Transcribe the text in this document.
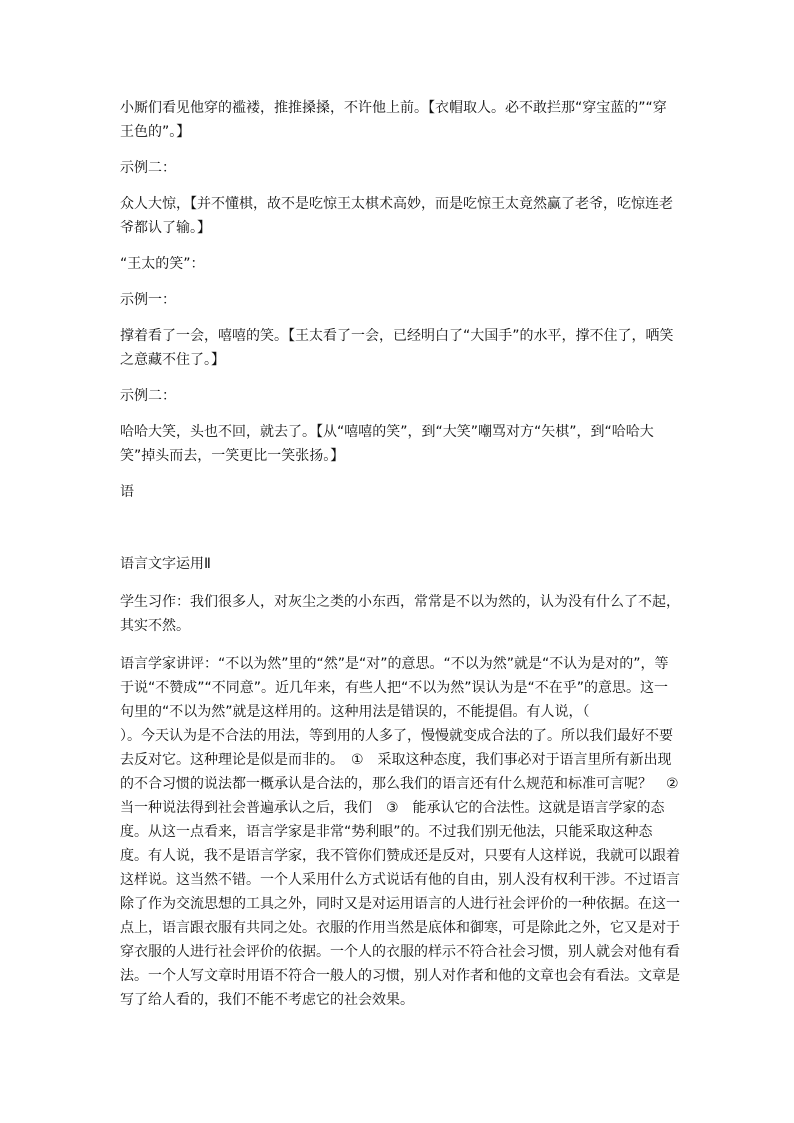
小厮们看见他穿的褴褛，推推搡搡，不许他上前。【衣帽取人。必不敢拦那“穿宝蓝的”“穿王色的”。】

示例二：

众人大惊，【并不懂棋，故不是吃惊王太棋术高妙，而是吃惊王太竟然赢了老爷，吃惊连老爷都认了输。】

“王太的笑”：

示例一：

撑着看了一会，嘻嘻的笑。【王太看了一会，已经明白了“大国手”的水平，撑不住了，哂笑之意藏不住了。】

示例二：

哈哈大笑，头也不回，就去了。【从“嘻嘻的笑”，到“大笑”嘲骂对方“矢棋”，到“哈哈大笑”掉头而去，一笑更比一笑张扬。】

语

语言文字运用Ⅱ

学生习作：我们很多人，对灰尘之类的小东西，常常是不以为然的，认为没有什么了不起，其实不然。

语言学家讲评：“不以为然”里的“然”是“对”的意思。“不以为然”就是“不认为是对的”，等于说“不赞成”“不同意”。近几年来，有些人把“不以为然”误认为是“不在乎”的意思。这一句里的“不以为然”就是这样用的。这种用法是错误的，不能提倡。有人说，（　　　　　　　　）。今天认为是不合法的用法，等到用的人多了，慢慢就变成合法的了。所以我们最好不要去反对它。这种理论是似是而非的。　①　采取这种态度，我们事必对于语言里所有新出现的不合习惯的说法都一概承认是合法的，那么我们的语言还有什么规范和标准可言呢？　②　当一种说法得到社会普遍承认之后，我们　③　能承认它的合法性。这就是语言学家的态度。从这一点看来，语言学家是非常“势利眼”的。不过我们别无他法，只能采取这种态度。有人说，我不是语言学家，我不管你们赞成还是反对，只要有人这样说，我就可以跟着这样说。这当然不错。一个人采用什么方式说话有他的自由，别人没有权利干涉。不过语言除了作为交流思想的工具之外，同时又是对运用语言的人进行社会评价的一种依据。在这一点上，语言跟衣服有共同之处。衣服的作用当然是底体和御寒，可是除此之外，它又是对于穿衣服的人进行社会评价的依据。一个人的衣服的样示不符合社会习惯，别人就会对他有看法。一个人写文章时用语不符合一般人的习惯，别人对作者和他的文章也会有看法。文章是写了给人看的，我们不能不考虑它的社会效果。
